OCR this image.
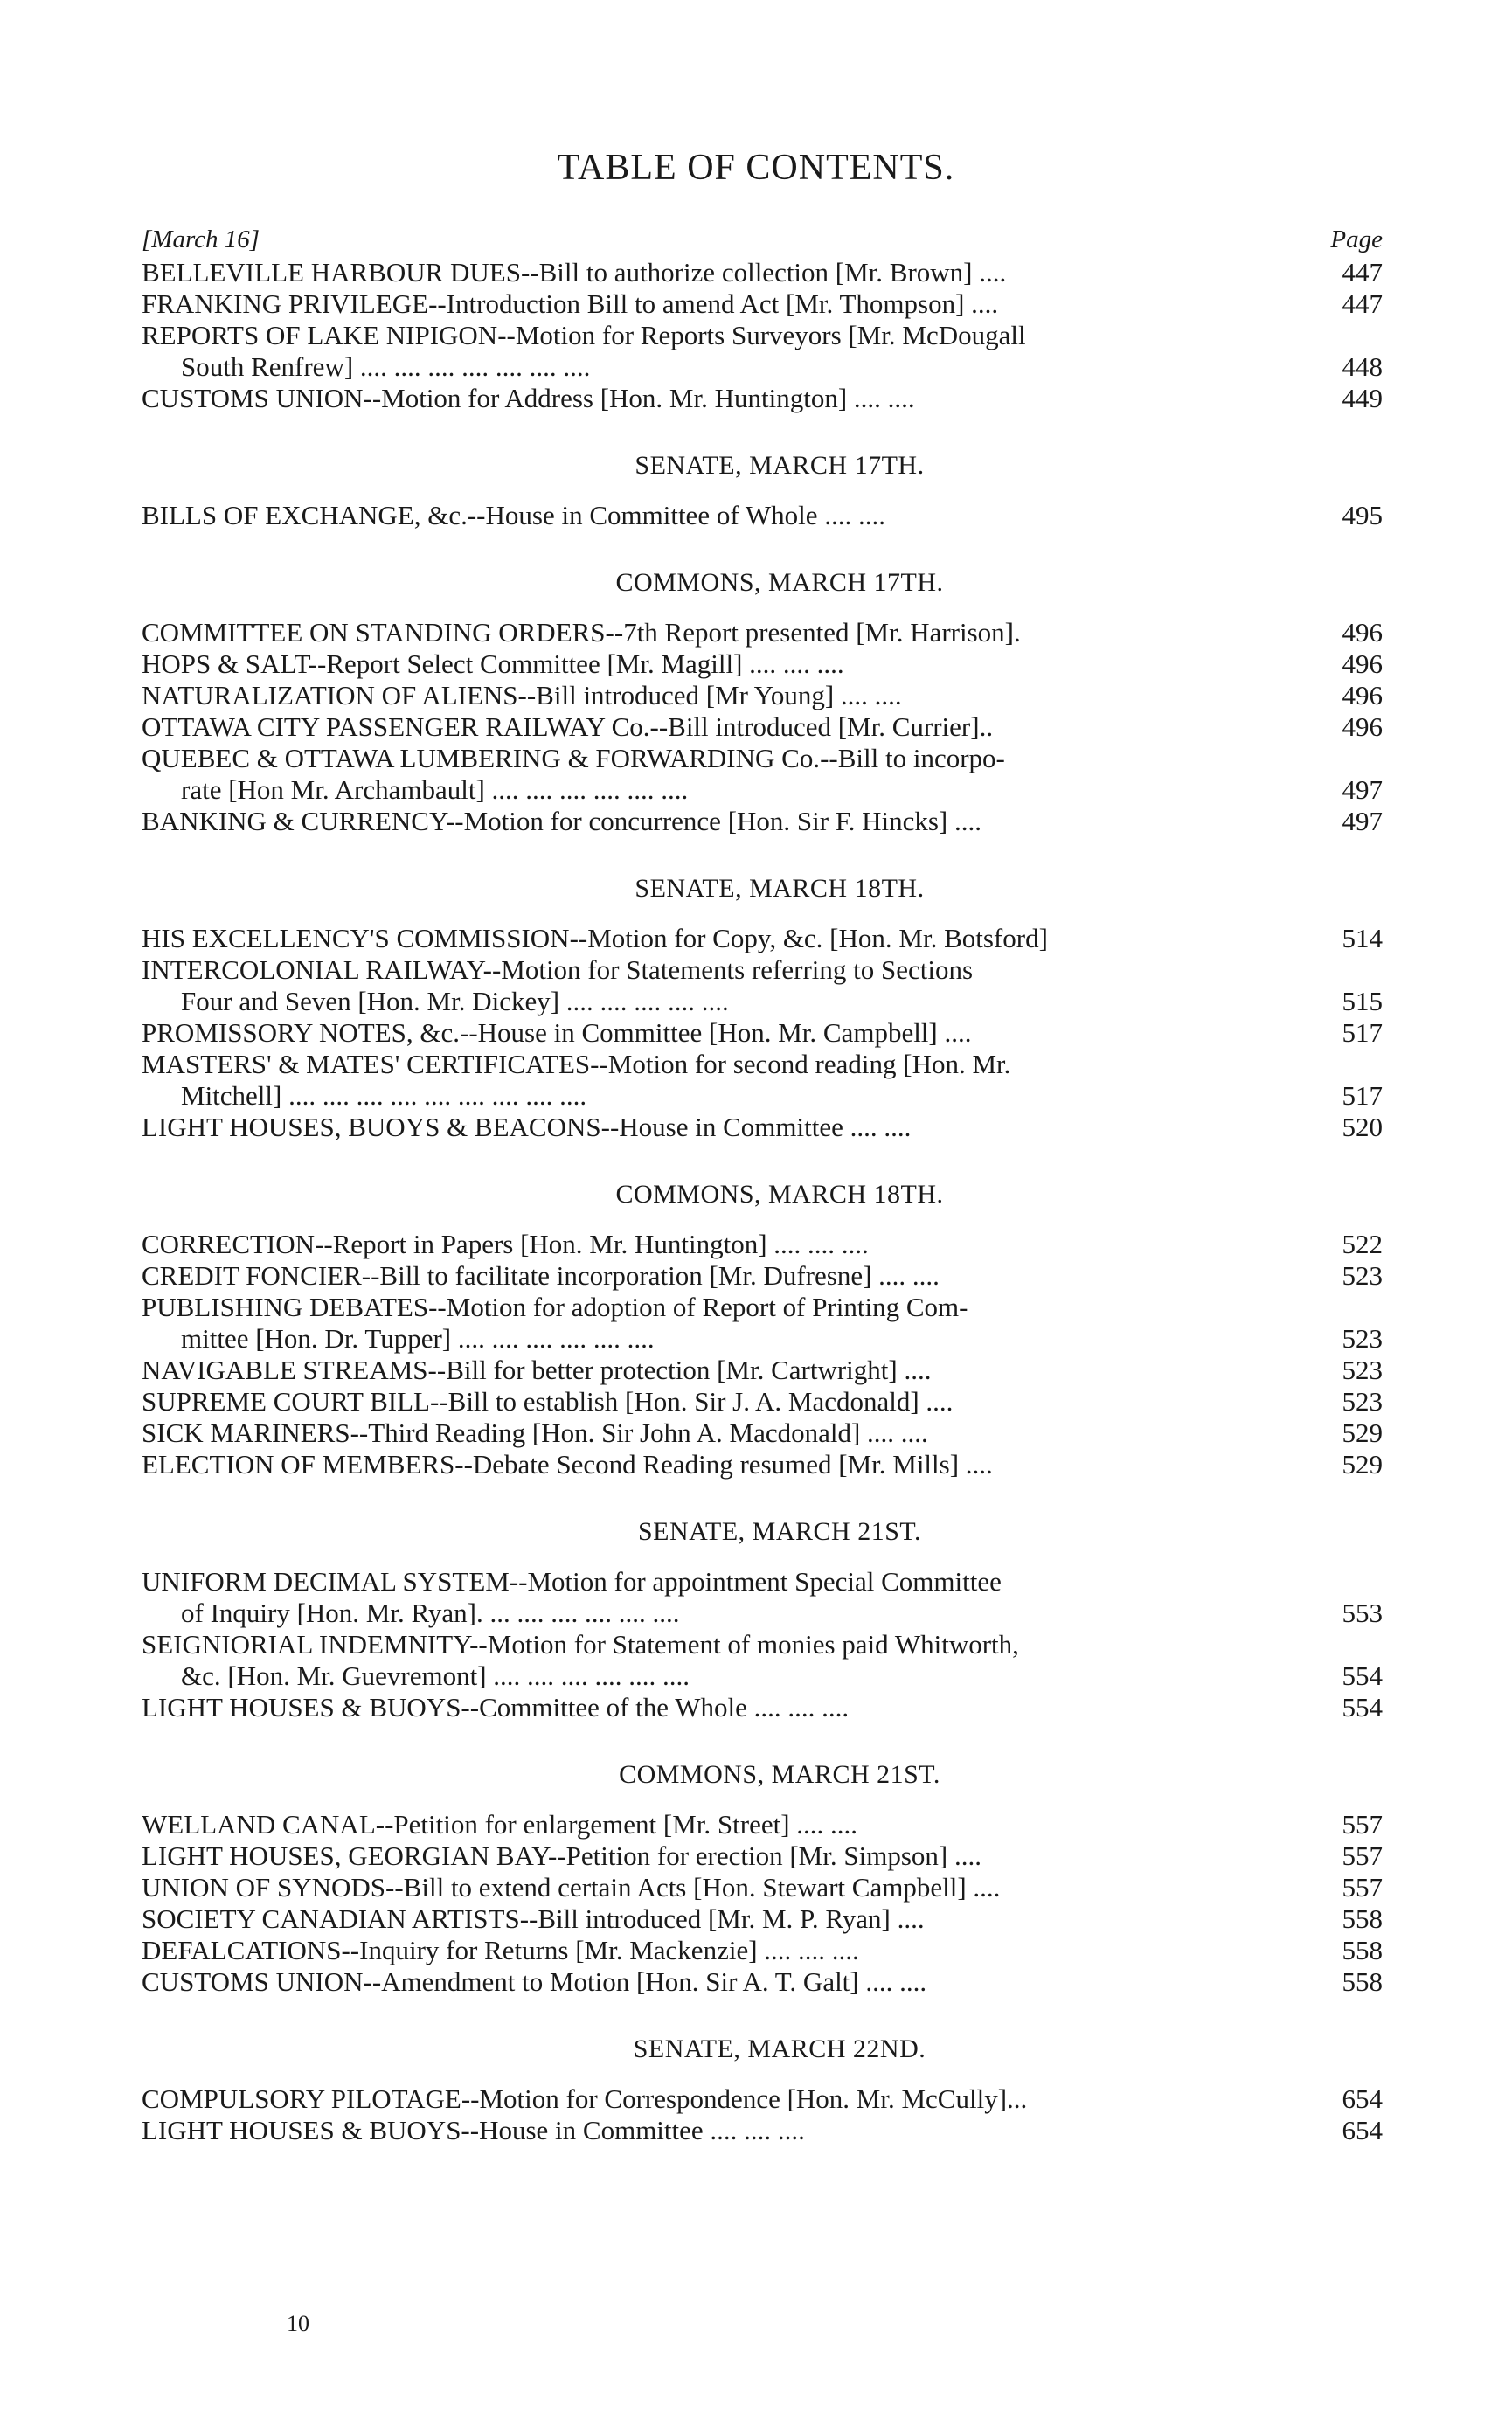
TABLE OF CONTENTS.
[March 16]	Page
BELLEVILLE HARBOUR DUES--Bill to authorize collection [Mr. Brown] ....	447
FRANKING PRIVILEGE--Introduction Bill to amend Act [Mr. Thompson] ....	447
REPORTS OF LAKE NIPIGON--Motion for Reports Surveyors [Mr. McDougall
South Renfrew] .... .... .... .... .... .... ....	448
CUSTOMS UNION--Motion for Address [Hon. Mr. Huntington] .... ....	449
SENATE, MARCH 17TH.
BILLS OF EXCHANGE, &c.--House in Committee of Whole .... ....	495
COMMONS, MARCH 17TH.
COMMITTEE ON STANDING ORDERS--7th Report presented [Mr. Harrison].	496
HOPS & SALT--Report Select Committee [Mr. Magill] .... .... ....	496
NATURALIZATION OF ALIENS--Bill introduced [Mr Young] .... ....	496
OTTAWA CITY PASSENGER RAILWAY Co.--Bill introduced [Mr. Currier]..	496
QUEBEC & OTTAWA LUMBERING & FORWARDING Co.--Bill to incorpo-
rate [Hon Mr. Archambault] .... .... .... .... .... ....	497
BANKING & CURRENCY--Motion for concurrence [Hon. Sir F. Hincks] ....	497
SENATE, MARCH 18TH.
HIS EXCELLENCY'S COMMISSION--Motion for Copy, &c. [Hon. Mr. Botsford]	514
INTERCOLONIAL RAILWAY--Motion for Statements referring to Sections
Four and Seven [Hon. Mr. Dickey] .... .... .... .... ....	515
PROMISSORY NOTES, &c.--House in Committee [Hon. Mr. Campbell] ....	517
MASTERS' & MATES' CERTIFICATES--Motion for second reading [Hon. Mr.
Mitchell] .... .... .... .... .... .... .... .... ....	517
LIGHT HOUSES, BUOYS & BEACONS--House in Committee .... ....	520
COMMONS, MARCH 18TH.
CORRECTION--Report in Papers [Hon. Mr. Huntington] .... .... ....	522
CREDIT FONCIER--Bill to facilitate incorporation [Mr. Dufresne] .... ....	523
PUBLISHING DEBATES--Motion for adoption of Report of Printing Com-
mittee [Hon. Dr. Tupper] .... .... .... .... .... ....	523
NAVIGABLE STREAMS--Bill for better protection [Mr. Cartwright] ....	523
SUPREME COURT BILL--Bill to establish [Hon. Sir J. A. Macdonald] ....	523
SICK MARINERS--Third Reading [Hon. Sir John A. Macdonald] .... ....	529
ELECTION OF MEMBERS--Debate Second Reading resumed [Mr. Mills] ....	529
SENATE, MARCH 21ST.
UNIFORM DECIMAL SYSTEM--Motion for appointment Special Committee
of Inquiry [Hon. Mr. Ryan]. ... .... .... .... .... ....	553
SEIGNIORIAL INDEMNITY--Motion for Statement of monies paid Whitworth,
&c. [Hon. Mr. Guevremont] .... .... .... .... .... ....	554
LIGHT HOUSES & BUOYS--Committee of the Whole .... .... ....	554
COMMONS, MARCH 21ST.
WELLAND CANAL--Petition for enlargement [Mr. Street] .... ....	557
LIGHT HOUSES, GEORGIAN BAY--Petition for erection [Mr. Simpson] ....	557
UNION OF SYNODS--Bill to extend certain Acts [Hon. Stewart Campbell] ....	557
SOCIETY CANADIAN ARTISTS--Bill introduced [Mr. M. P. Ryan] ....	558
DEFALCATIONS--Inquiry for Returns [Mr. Mackenzie] .... .... ....	558
CUSTOMS UNION--Amendment to Motion [Hon. Sir A. T. Galt] .... ....	558
SENATE, MARCH 22ND.
COMPULSORY PILOTAGE--Motion for Correspondence [Hon. Mr. McCully]...	654
LIGHT HOUSES & BUOYS--House in Committee .... .... ....	654
10
